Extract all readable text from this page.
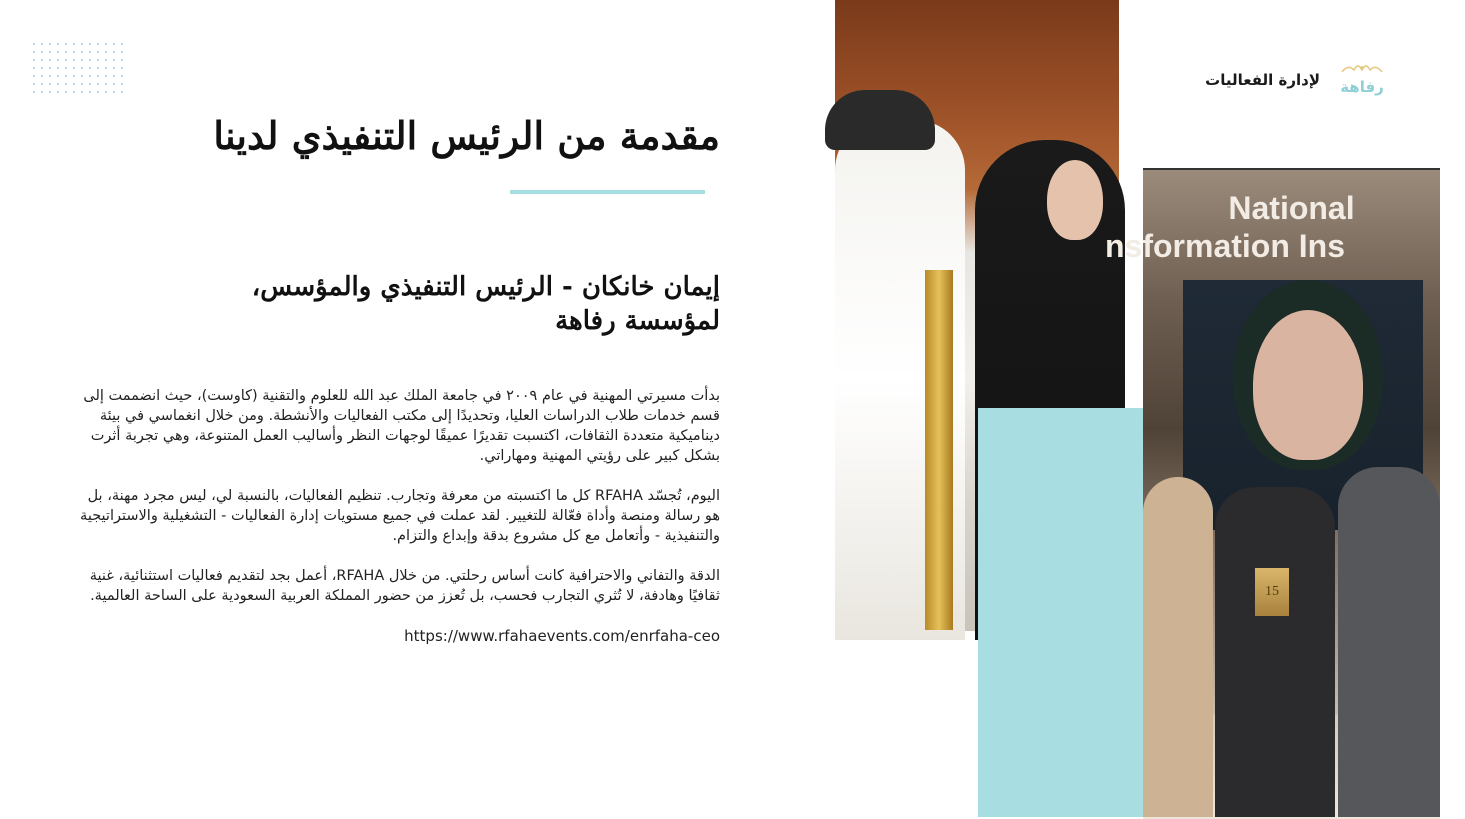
مقدمة من الرئيس التنفيذي لدينا
إيمان خانكان - الرئيس التنفيذي والمؤسس، لمؤسسة رفاهة

بدأت مسيرتي المهنية في عام ٢٠٠٩ في جامعة الملك عبد الله للعلوم والتقنية (كاوست)، حيث انضممت إلى قسم خدمات طلاب الدراسات العليا، وتحديدًا إلى مكتب الفعاليات والأنشطة. ومن خلال انغماسي في بيئة ديناميكية متعددة الثقافات، اكتسبت تقديرًا عميقًا لوجهات النظر وأساليب العمل المتنوعة، وهي تجربة أثرت بشكل كبير على رؤيتي المهنية ومهاراتي.

اليوم، تُجسّد RFAHA كل ما اكتسبته من معرفة وتجارب. تنظيم الفعاليات، بالنسبة لي، ليس مجرد مهنة، بل هو رسالة ومنصة وأداة فعّالة للتغيير. لقد عملت في جميع مستويات إدارة الفعاليات - التشغيلية والاستراتيجية والتنفيذية - وأتعامل مع كل مشروع بدقة وإبداع والتزام.

الدقة والتفاني والاحترافية كانت أساس رحلتي. من خلال RFAHA، أعمل بجد لتقديم فعاليات استثنائية، غنية ثقافيًا وهادفة، لا تُثري التجارب فحسب، بل تُعزز من حضور المملكة العربية السعودية على الساحة العالمية.

https://www.rfahaevents.com/enrfaha-ceo
National
nsformation Ins
15
لإدارة الفعاليات رفاهة
